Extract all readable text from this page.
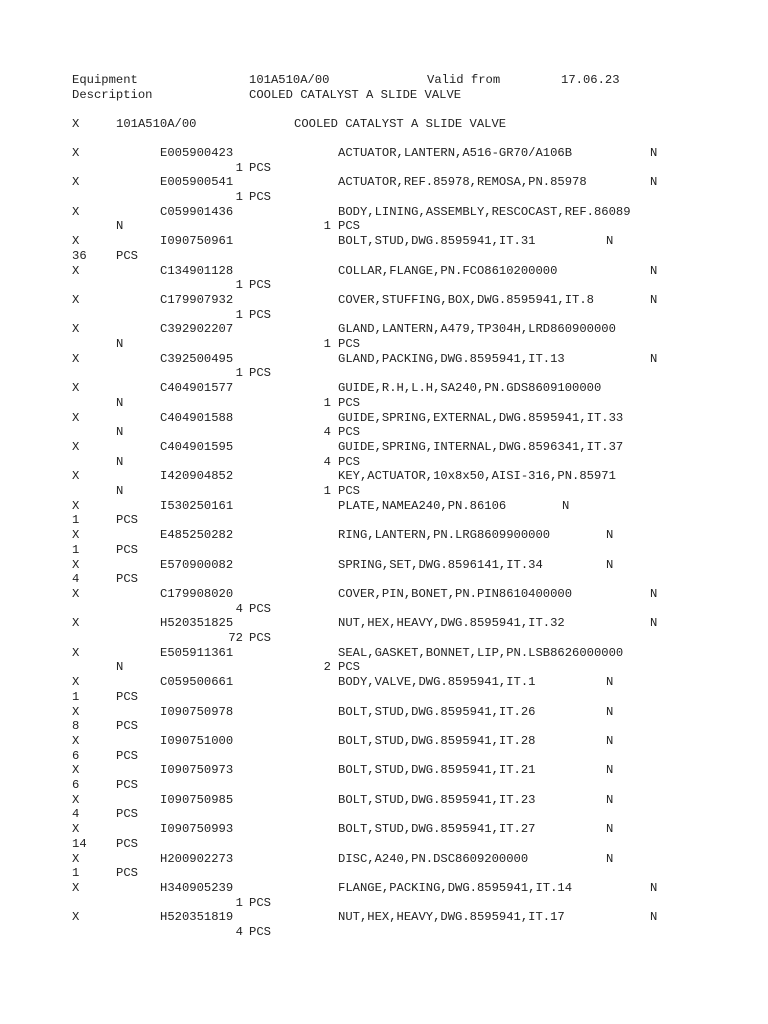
Equipment	101A510A/00	Valid from	17.06.23
Description	COOLED CATALYST A SLIDE VALVE
X	101A510A/00	COOLED CATALYST A SLIDE VALVE
X	E005900423	ACTUATOR,LANTERN,A516-GR70/A106B	N
1 PCS
X	E005900541	ACTUATOR,REF.85978,REMOSA,PN.85978	N
1 PCS
X	C059901436	BODY,LINING,ASSEMBLY,RESCOCAST,REF.86089
N	1 PCS
X	I090750961	BOLT,STUD,DWG.8595941,IT.31	N
36 PCS
X	C134901128	COLLAR,FLANGE,PN.FCO8610200000	N
1 PCS
X	C179907932	COVER,STUFFING,BOX,DWG.8595941,IT.8	N
1 PCS
X	C392902207	GLAND,LANTERN,A479,TP304H,LRD860900000
N	1 PCS
X	C392500495	GLAND,PACKING,DWG.8595941,IT.13	N
1 PCS
X	C404901577	GUIDE,R.H,L.H,SA240,PN.GDS8609100000
N	1 PCS
X	C404901588	GUIDE,SPRING,EXTERNAL,DWG.8595941,IT.33
N	4 PCS
X	C404901595	GUIDE,SPRING,INTERNAL,DWG.8596341,IT.37
N	4 PCS
X	I420904852	KEY,ACTUATOR,10x8x50,AISI-316,PN.85971
N	1 PCS
X	I530250161	PLATE,NAMEA240,PN.86106	N
1	PCS
X	E485250282	RING,LANTERN,PN.LRG8609900000	N
1	PCS
X	E570900082	SPRING,SET,DWG.8596141,IT.34	N
4	PCS
X	C179908020	COVER,PIN,BONET,PN.PIN8610400000	N
4 PCS
X	H520351825	NUT,HEX,HEAVY,DWG.8595941,IT.32	N
72 PCS
X	E505911361	SEAL,GASKET,BONNET,LIP,PN.LSB8626000000
N	2 PCS
X	C059500661	BODY,VALVE,DWG.8595941,IT.1	N
1	PCS
X	I090750978	BOLT,STUD,DWG.8595941,IT.26	N
8	PCS
X	I090751000	BOLT,STUD,DWG.8595941,IT.28	N
6	PCS
X	I090750973	BOLT,STUD,DWG.8595941,IT.21	N
6	PCS
X	I090750985	BOLT,STUD,DWG.8595941,IT.23	N
4	PCS
X	I090750993	BOLT,STUD,DWG.8595941,IT.27	N
14 PCS
X	H200902273	DISC,A240,PN.DSC8609200000	N
1	PCS
X	H340905239	FLANGE,PACKING,DWG.8595941,IT.14	N
1 PCS
X	H520351819	NUT,HEX,HEAVY,DWG.8595941,IT.17	N
4 PCS
